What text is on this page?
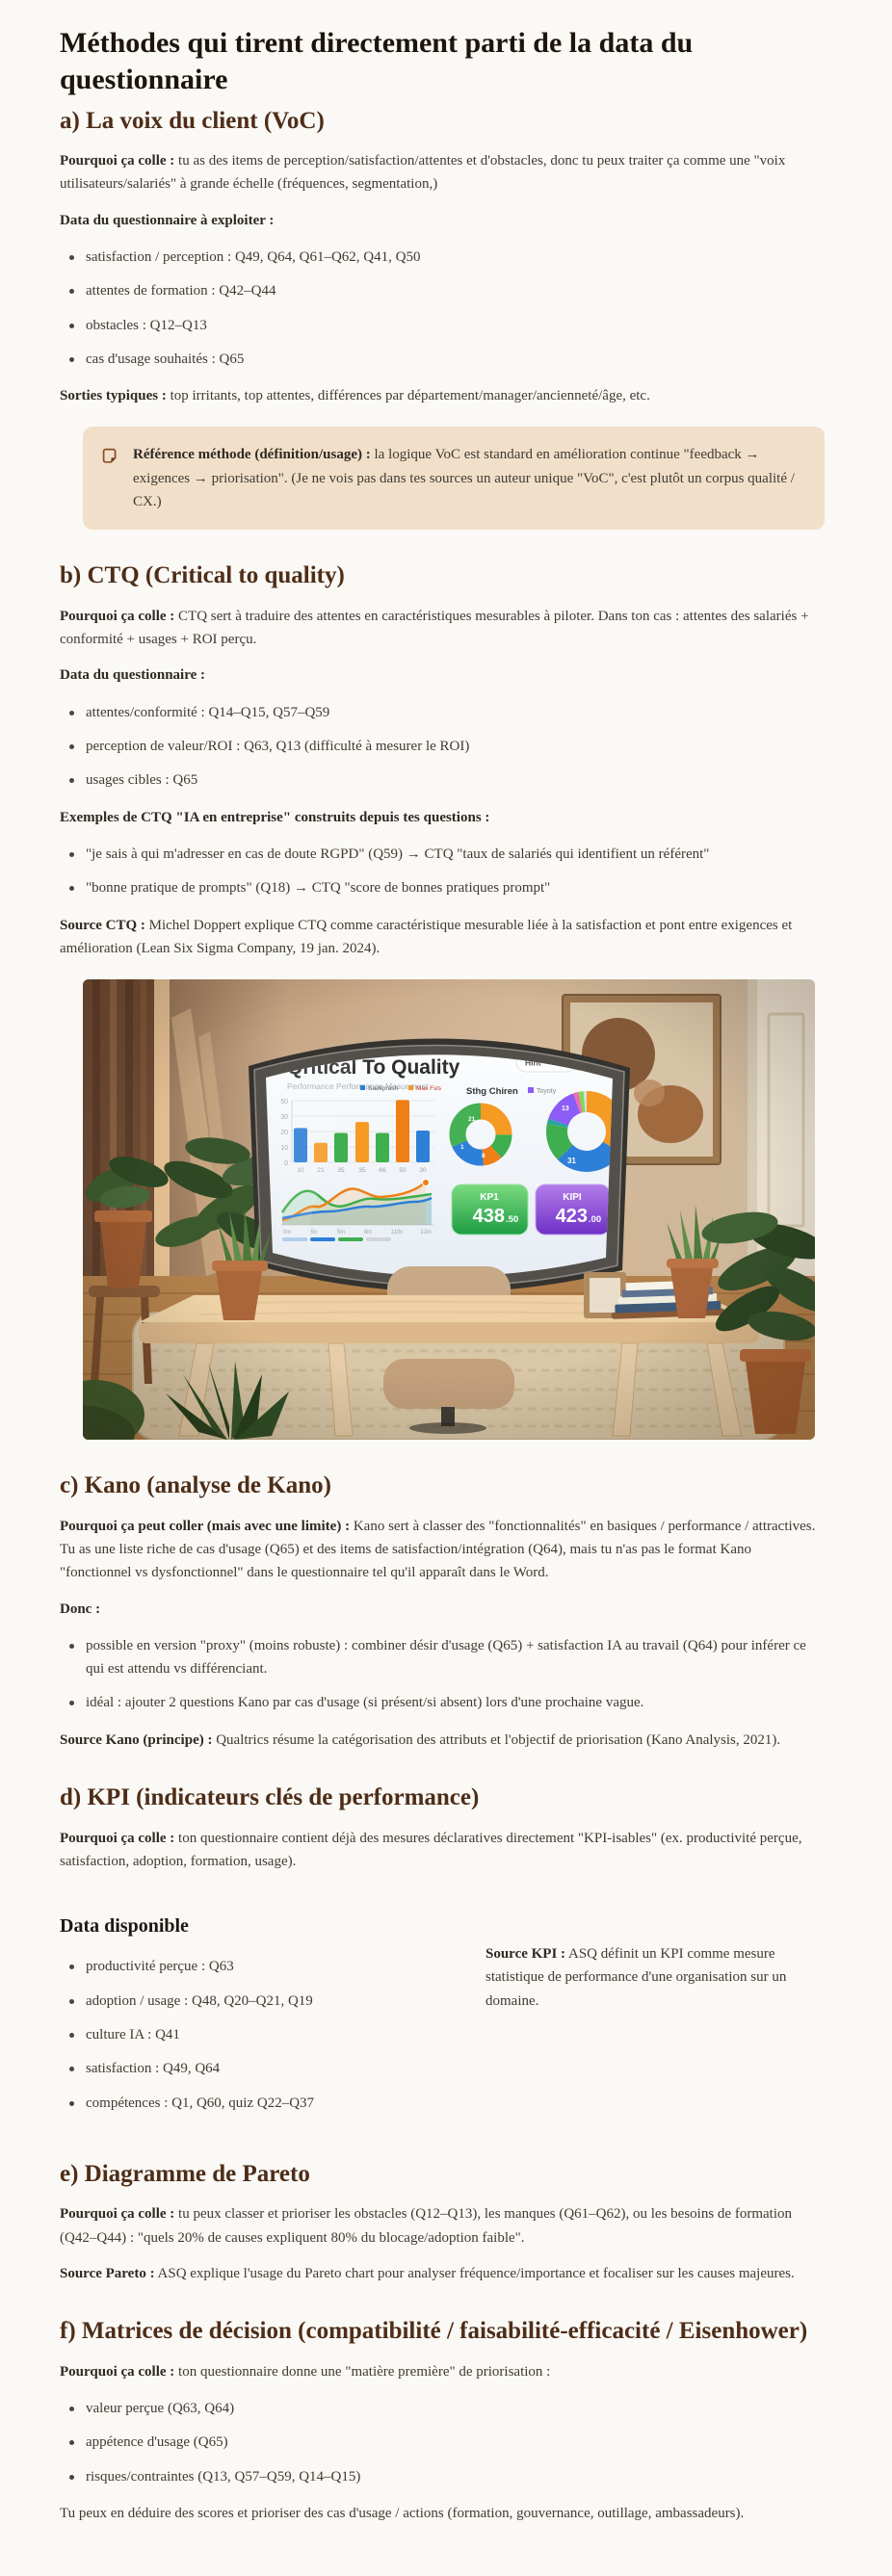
Méthodes qui tirent directement parti de la data du questionnaire
a) La voix du client (VoC)

Pourquoi ça colle : tu as des items de perception/satisfaction/attentes et d'obstacles, donc tu peux traiter ça comme une "voix utilisateurs/salariés" à grande échelle (fréquences, segmentation,)

Data du questionnaire à exploiter :

satisfaction / perception : Q49, Q64, Q61–Q62, Q41, Q50
attentes de formation : Q42–Q44
obstacles : Q12–Q13
cas d'usage souhaités : Q65

Sorties typiques : top irritants, top attentes, différences par département/manager/ancienneté/âge, etc.

Référence méthode (définition/usage) : la logique VoC est standard en amélioration continue "feedback → exigences → priorisation". (Je ne vois pas dans tes sources un auteur unique "VoC", c'est plutôt un corpus qualité / CX.)

b) CTQ (Critical to quality)

Pourquoi ça colle : CTQ sert à traduire des attentes en caractéristiques mesurables à piloter. Dans ton cas : attentes des salariés + conformité + usages + ROI perçu.

Data du questionnaire :

attentes/conformité : Q14–Q15, Q57–Q59
perception de valeur/ROI : Q63, Q13 (difficulté à mesurer le ROI)
usages cibles : Q65

Exemples de CTQ "IA en entreprise" construits depuis tes questions :

"je sais à qui m'adresser en cas de doute RGPD" (Q59) → CTQ "taux de salariés qui identifient un référent"
"bonne pratique de prompts" (Q18) → CTQ "score de bonnes pratiques prompt"

Source CTQ : Michel Doppert explique CTQ comme caractéristique mesurable liée à la satisfaction et pont entre exigences et amélioration (Lean Six Sigma Company, 19 jan. 2024).

c) Kano (analyse de Kano)

Pourquoi ça peut coller (mais avec une limite) : Kano sert à classer des "fonctionnalités" en basiques / performance / attractives. Tu as une liste riche de cas d'usage (Q65) et des items de satisfaction/intégration (Q64), mais tu n'as pas le format Kano "fonctionnel vs dysfonctionnel" dans le questionnaire tel qu'il apparaît dans le Word.

Donc :

possible en version "proxy" (moins robuste) : combiner désir d'usage (Q65) + satisfaction IA au travail (Q64) pour inférer ce qui est attendu vs différenciant.
idéal : ajouter 2 questions Kano par cas d'usage (si présent/si absent) lors d'une prochaine vague.

Source Kano (principe) : Qualtrics résume la catégorisation des attributs et l'objectif de priorisation (Kano Analysis, 2021).

d) KPI (indicateurs clés de performance)

Pourquoi ça colle : ton questionnaire contient déjà des mesures déclaratives directement "KPI-isables" (ex. productivité perçue, satisfaction, adoption, formation, usage).

Data disponible
productivité perçue : Q63
adoption / usage : Q48, Q20–Q21, Q19
culture IA : Q41
satisfaction : Q49, Q64
compétences : Q1, Q60, quiz Q22–Q37

Source KPI : ASQ définit un KPI comme mesure statistique de performance d'une organisation sur un domaine.

e) Diagramme de Pareto

Pourquoi ça colle : tu peux classer et prioriser les obstacles (Q12–Q13), les manques (Q61–Q62), ou les besoins de formation (Q42–Q44) : "quels 20% de causes expliquent 80% du blocage/adoption faible".

Source Pareto : ASQ explique l'usage du Pareto chart pour analyser fréquence/importance et focaliser sur les causes majeures.

f) Matrices de décision (compatibilité / faisabilité-efficacité / Eisenhower)

Pourquoi ça colle : ton questionnaire donne une "matière première" de priorisation :

valeur perçue (Q63, Q64)
appétence d'usage (Q65)
risques/contraintes (Q13, Q57–Q59, Q14–Q15)

Tu peux en déduire des scores et prioriser des cas d'usage / actions (formation, gouvernance, outillage, ambassadeurs).
